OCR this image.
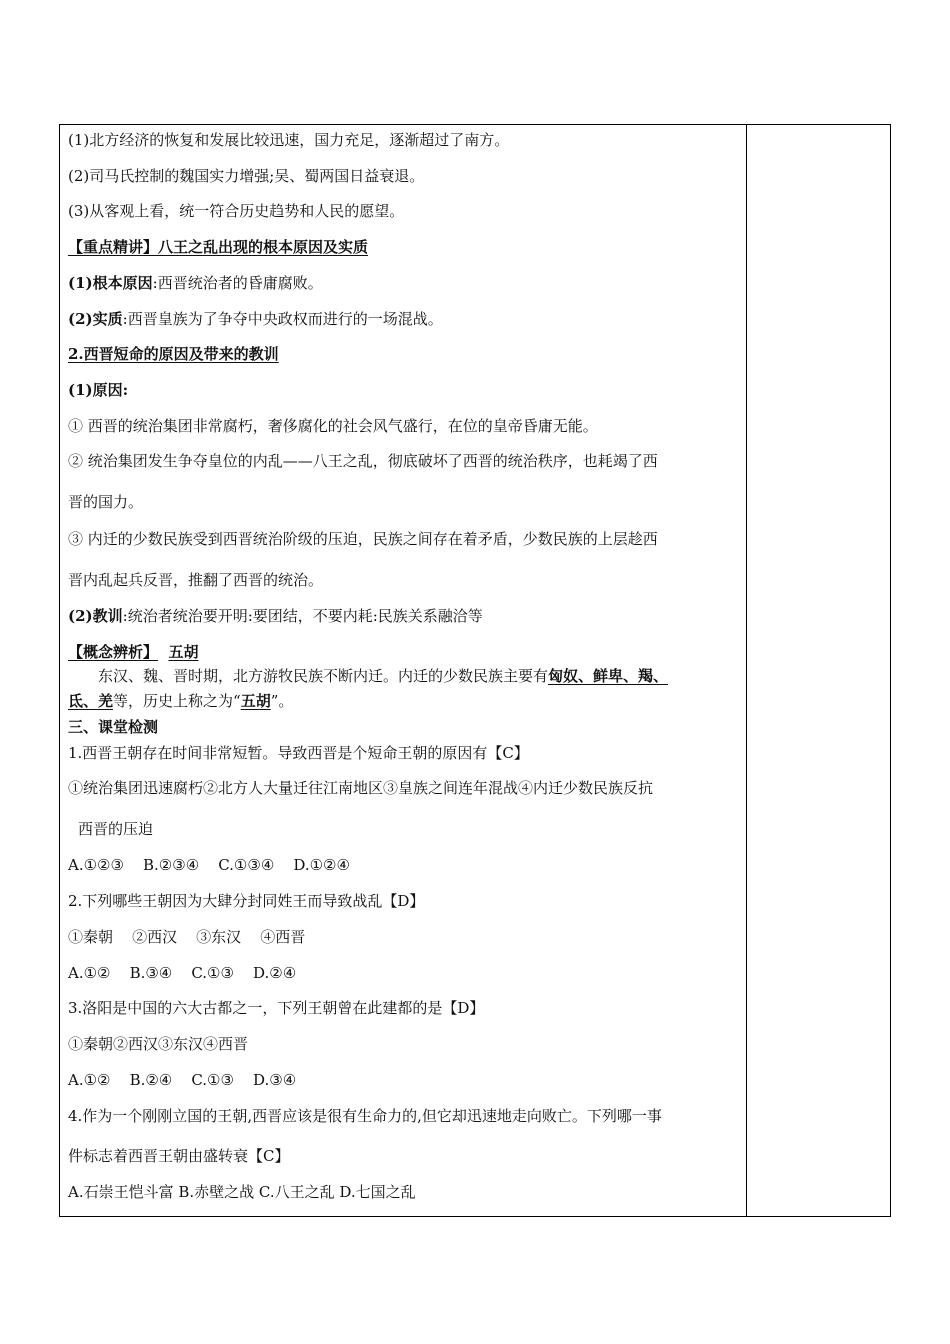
(1)北方经济的恢复和发展比较迅速，国力充足，逐渐超过了南方。
(2)司马氏控制的魏国实力增强;吴、蜀两国日益衰退。
(3)从客观上看，统一符合历史趋势和人民的愿望。
【重点精讲】八王之乱出现的根本原因及实质
(1)根本原因:西晋统治者的昏庸腐败。
(2)实质:西晋皇族为了争夺中央政权而进行的一场混战。
2.西晋短命的原因及带来的教训
(1)原因:
① 西晋的统治集团非常腐朽，奢侈腐化的社会风气盛行，在位的皇帝昏庸无能。
② 统治集团发生争夺皇位的内乱——八王之乱，彻底破坏了西晋的统治秩序，也耗竭了西
晋的国力。
③ 内迁的少数民族受到西晋统治阶级的压迫，民族之间存在着矛盾，少数民族的上层趁西
晋内乱起兵反晋，推翻了西晋的统治。
(2)教训:统治者统治要开明:要团结，不要内耗:民族关系融洽等
【概念辨析】 五胡
东汉、魏、晋时期，北方游牧民族不断内迁。内迁的少数民族主要有匈奴、鲜卑、羯、
氐、羌等，历史上称之为“五胡”。
三、课堂检测
1.西晋王朝存在时间非常短暂。导致西晋是个短命王朝的原因有【C】
①统治集团迅速腐朽②北方人大量迁往江南地区③皇族之间连年混战④内迁少数民族反抗
西晋的压迫
A.①②③    B.②③④    C.①③④    D.①②④
2.下列哪些王朝因为大肆分封同姓王而导致战乱【D】
①秦朝    ②西汉    ③东汉    ④西晋
A.①②    B.③④    C.①③    D.②④
3.洛阳是中国的六大古都之一，下列王朝曾在此建都的是【D】
①秦朝②西汉③东汉④西晋
A.①②    B.②④    C.①③    D.③④
4.作为一个刚刚立国的王朝,西晋应该是很有生命力的,但它却迅速地走向败亡。下列哪一事
件标志着西晋王朝由盛转衰【C】
A.石崇王恺斗富 B.赤壁之战 C.八王之乱 D.七国之乱
